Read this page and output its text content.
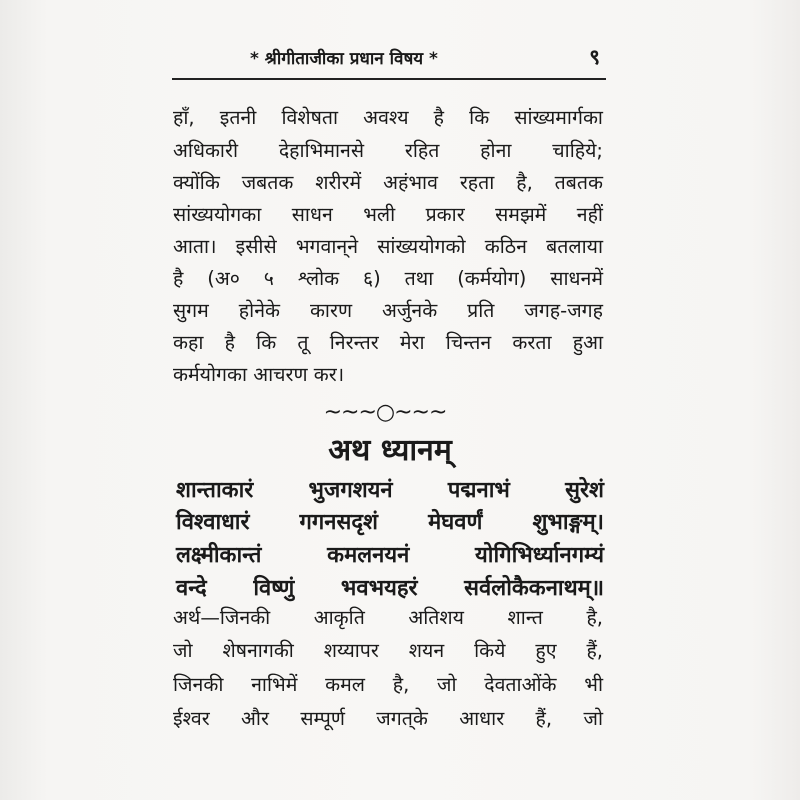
* श्रीगीताजीका प्रधान विषय *	९
हाँ, इतनी विशेषता अवश्य है कि सांख्यमार्गका
अधिकारी देहाभिमानसे रहित होना चाहिये;
क्योंकि जबतक शरीरमें अहंभाव रहता है, तबतक
सांख्ययोगका साधन भली प्रकार समझमें नहीं
आता। इसीसे भगवान्‌ने सांख्ययोगको कठिन बतलाया
है (अ० ५ श्लोक ६) तथा (कर्मयोग) साधनमें
सुगम होनेके कारण अर्जुनके प्रति जगह-जगह
कहा है कि तू निरन्तर मेरा चिन्तन करता हुआ
कर्मयोगका आचरण कर।
~~~○~~~
अथ ध्यानम्
शान्ताकारं भुजगशयनं पद्मनाभं सुरेशं
विश्वाधारं गगनसदृशं मेघवर्णं शुभाङ्गम्।
लक्ष्मीकान्तं कमलनयनं योगिभिर्ध्यानगम्यं
वन्दे विष्णुं भवभयहरं सर्वलोकैकनाथम्॥
अर्थ—जिनकी आकृति अतिशय शान्त है,
जो शेषनागकी शय्यापर शयन किये हुए हैं,
जिनकी नाभिमें कमल है, जो देवताओंके भी
ईश्वर और सम्पूर्ण जगत्‌के आधार हैं, जो
